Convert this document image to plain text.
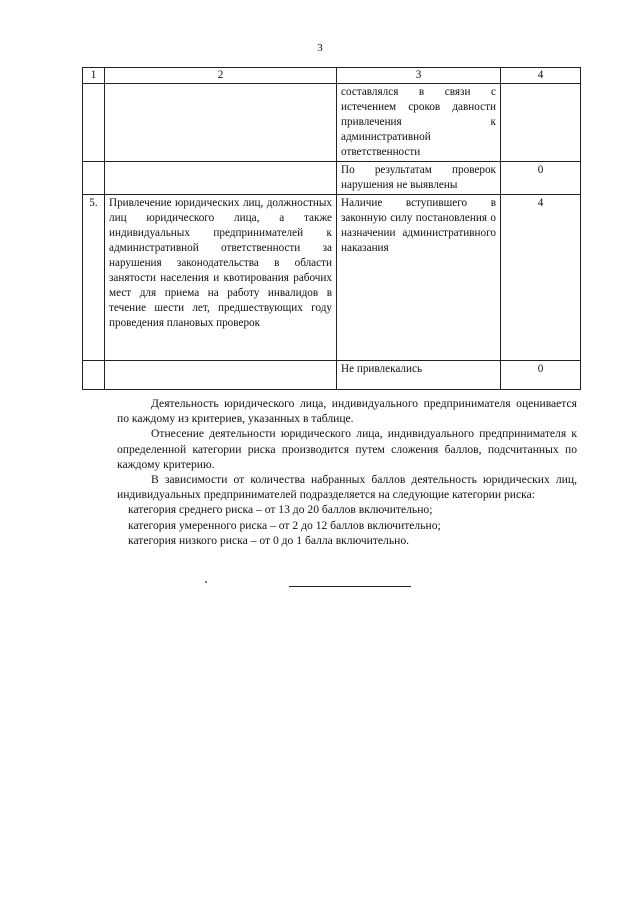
3
1	2	3	4
		составлялся в связи с истечением сроков давности привлечения к административной ответственности	
		По результатам проверок нарушения не выявлены	0
5.	Привлечение юридических лиц, должностных лиц юридического лица, а также индивидуальных предпринимателей к административной ответственности за нарушения законодательства в области занятости населения и квотирования рабочих мест для приема на работу инвалидов в течение шести лет, предшествующих году проведения плановых проверок	Наличие вступившего в законную силу постановления о назначении административного наказания	4
		Не привлекались	0

Деятельность юридического лица, индивидуального предпринимателя оценивается по каждому из критериев, указанных в таблице.

Отнесение деятельности юридического лица, индивидуального предпринимателя к определенной категории риска производится путем сложения баллов, подсчитанных по каждому критерию.

В зависимости от количества набранных баллов деятельность юридических лиц, индивидуальных предпринимателей подразделяется на следующие категории риска:

категория среднего риска – от 13 до 20 баллов включительно;

категория умеренного риска – от 2 до 12 баллов включительно;

категория низкого риска – от 0 до 1 балла включительно.
